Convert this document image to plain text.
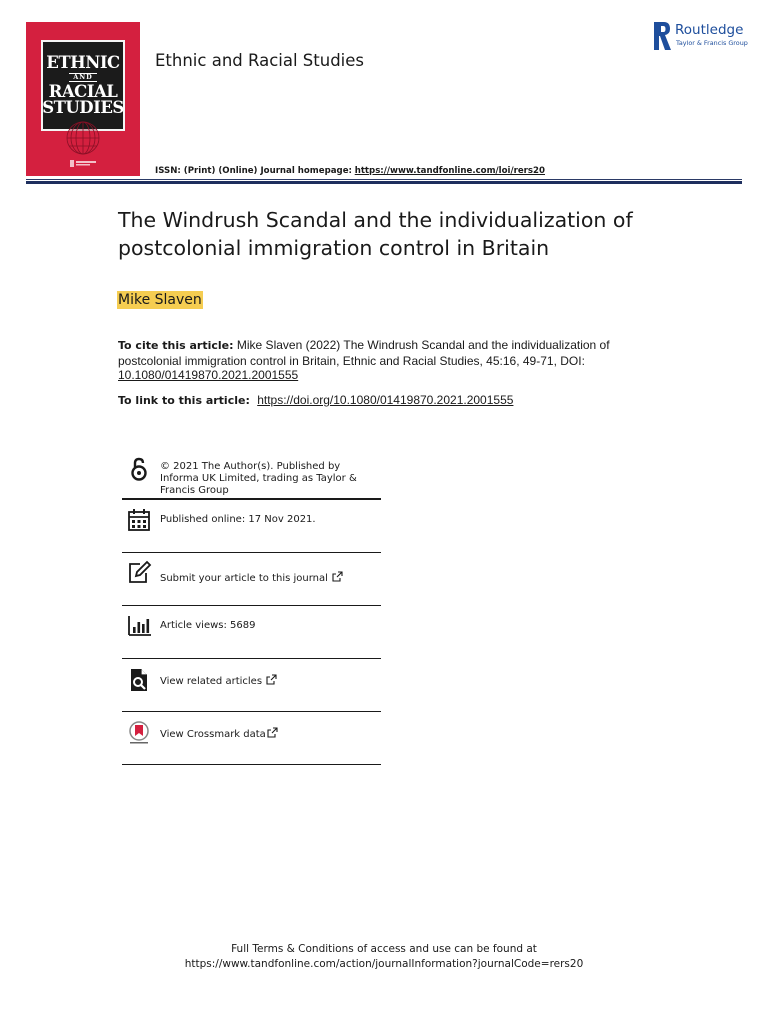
ETHNIC
AND
RACIAL
STUDIES
Ethnic and Racial Studies
Routledge
Taylor & Francis Group
ISSN: (Print) (Online) Journal homepage: https://www.tandfonline.com/loi/rers20
The Windrush Scandal and the individualization of postcolonial immigration control in Britain
Mike Slaven
To cite this article: Mike Slaven (2022) The Windrush Scandal and the individualization of postcolonial immigration control in Britain, Ethnic and Racial Studies, 45:16, 49-71, DOI:
10.1080/01419870.2021.2001555
To link to this article: https://doi.org/10.1080/01419870.2021.2001555
© 2021 The Author(s). Published by Informa UK Limited, trading as Taylor & Francis Group
Published online: 17 Nov 2021.
Submit your article to this journal
Article views: 5689
View related articles
View Crossmark data
Full Terms & Conditions of access and use can be found at
https://www.tandfonline.com/action/journalInformation?journalCode=rers20
